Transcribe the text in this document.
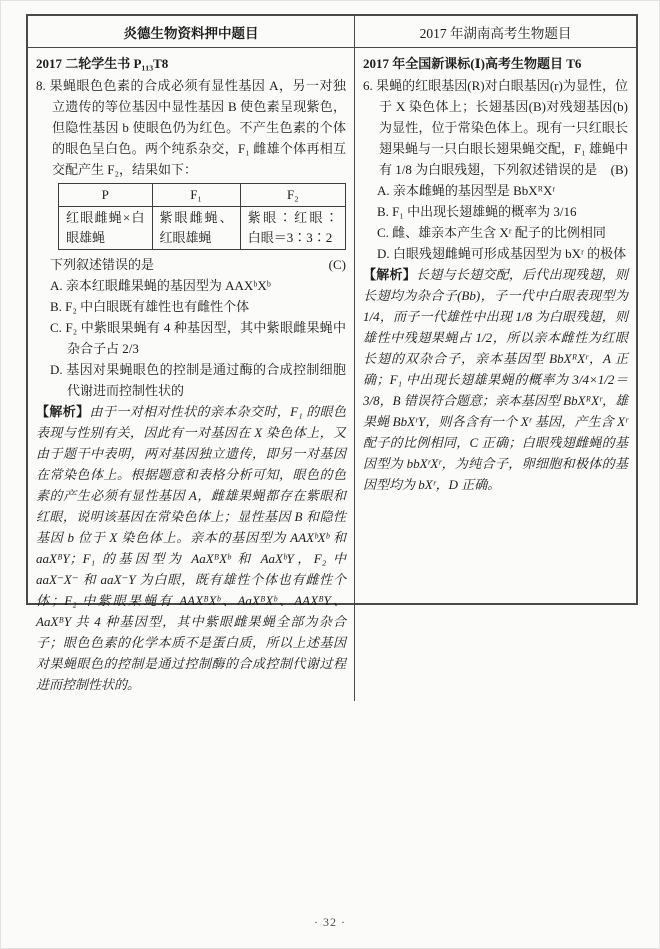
炎德生物资料押中题目	2017 年湖南高考生物题目
2017 二轮学生书 P₁₁₃T8
8. 果蝇眼色色素的合成必须有显性基因 A，另一对独立遗传的等位基因中显性基因 B 使色素呈现紫色，但隐性基因 b 使眼色仍为红色。不产生色素的个体的眼色呈白色。两个纯系杂交，F₁ 雌雄个体再相互交配产生 F₂，结果如下：
P	F₁	F₂
红眼雌蝇×白眼雄蝇	紫眼雌蝇、红眼雄蝇	紫眼∶红眼∶白眼＝3∶3∶2
(C)
下列叙述错误的是
A. 亲本红眼雌果蝇的基因型为 AAXᵇXᵇ
B. F₂ 中白眼既有雄性也有雌性个体
C. F₂ 中紫眼果蝇有 4 种基因型，其中紫眼雌果蝇中杂合子占 2/3
D. 基因对果蝇眼色的控制是通过酶的合成控制细胞代谢进而控制性状的
【解析】由于一对相对性状的亲本杂交时，F₁ 的眼色表现与性别有关，因此有一对基因在 X 染色体上，又由于题干中表明，两对基因独立遗传，即另一对基因在常染色体上。根据题意和表格分析可知，眼色的色素的产生必须有显性基因 A，雌雄果蝇都存在紫眼和红眼，说明该基因在常染色体上；显性基因 B 和隐性基因 b 位于 X 染色体上。亲本的基因型为 AAXᵇXᵇ 和 aaXᴮY；F₁ 的基因型为 AaXᴮXᵇ 和 AaXᵇY，F₂ 中 aaX⁻X⁻ 和 aaX⁻Y 为白眼，既有雄性个体也有雌性个体；F₂ 中紫眼果蝇有 AAXᴮXᵇ、AaXᴮXᵇ、AAXᴮY、AaXᴮY 共 4 种基因型，其中紫眼雌果蝇全部为杂合子；眼色色素的化学本质不是蛋白质，所以上述基因对果蝇眼色的控制是通过控制酶的合成控制代谢过程进而控制性状的。
2017 年全国新课标(Ⅰ)高考生物题目 T6
6. 果蝇的红眼基因(R)对白眼基因(r)为显性，位于 X 染色体上；长翅基因(B)对残翅基因(b)为显性，位于常染色体上。现有一只红眼长翅果蝇与一只白眼长翅果蝇交配，F₁ 雄蝇中有 1/8 为白眼残翅，下列叙述错误的是 (B)
A. 亲本雌蝇的基因型是 BbXᴿXʳ
B. F₁ 中出现长翅雄蝇的概率为 3/16
C. 雌、雄亲本产生含 Xʳ 配子的比例相同
D. 白眼残翅雌蝇可形成基因型为 bXʳ 的极体
【解析】长翅与长翅交配，后代出现残翅，则长翅均为杂合子(Bb)，子一代中白眼表现型为 1/4，而子一代雄性中出现 1/8 为白眼残翅，则雄性中残翅果蝇占 1/2，所以亲本雌性为红眼长翅的双杂合子，亲本基因型 BbXᴿXʳ，A 正确；F₁ 中出现长翅雄果蝇的概率为 3/4×1/2＝3/8，B 错误符合题意；亲本基因型 BbXᴿXʳ，雄果蝇 BbXʳY，则各含有一个 Xʳ 基因，产生含 Xʳ 配子的比例相同，C 正确；白眼残翅雌蝇的基因型为 bbXʳXʳ，为纯合子，卵细胞和极体的基因型均为 bXʳ，D 正确。
· 32 ·
